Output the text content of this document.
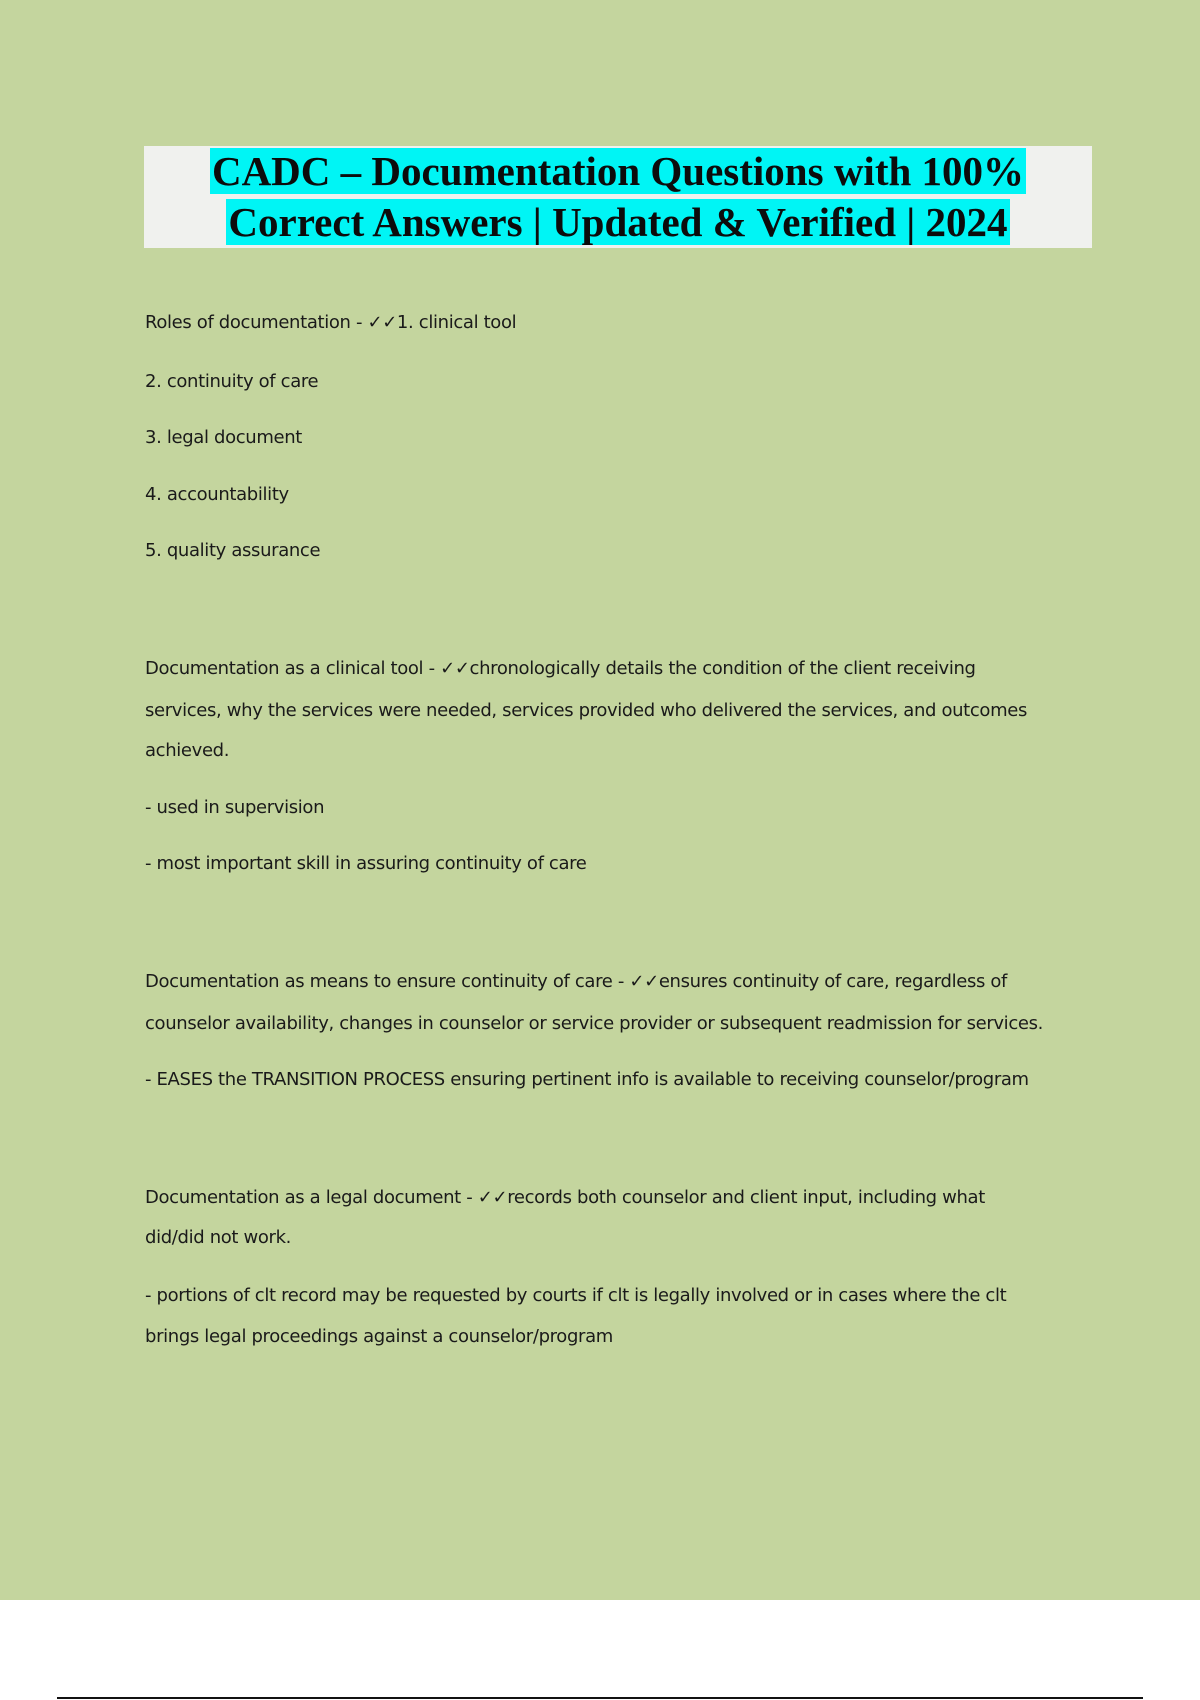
CADC – Documentation Questions with 100%

Correct Answers | Updated & Verified | 2024

Roles of documentation - ✓✓1. clinical tool
2. continuity of care
3. legal document
4. accountability
5. quality assurance
Documentation as a clinical tool - ✓✓chronologically details the condition of the client receiving
services, why the services were needed, services provided who delivered the services, and outcomes
achieved.
- used in supervision
- most important skill in assuring continuity of care
Documentation as means to ensure continuity of care - ✓✓ensures continuity of care, regardless of
counselor availability, changes in counselor or service provider or subsequent readmission for services.
- EASES the TRANSITION PROCESS ensuring pertinent info is available to receiving counselor/program
Documentation as a legal document - ✓✓records both counselor and client input, including what
did/did not work.
- portions of clt record may be requested by courts if clt is legally involved or in cases where the clt
brings legal proceedings against a counselor/program
